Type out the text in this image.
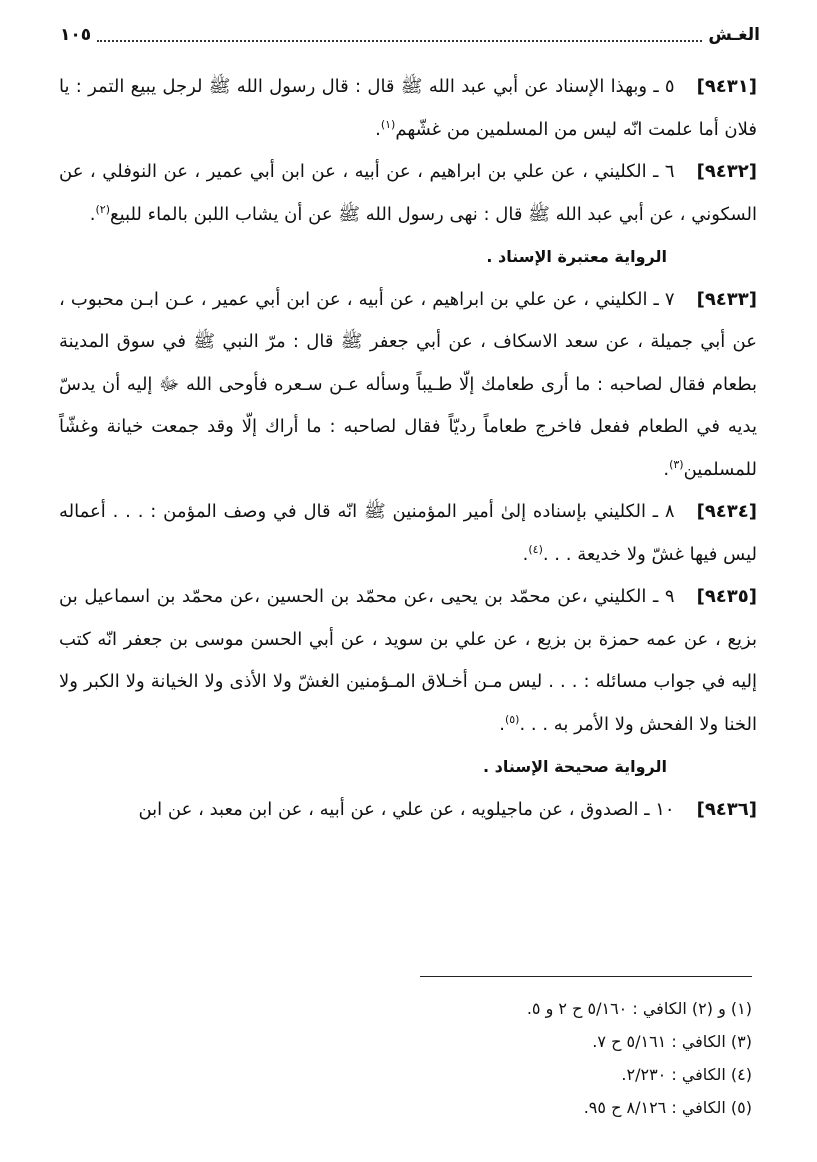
الغـش
١٠٥

[٩٤٣١]٥ ـ وبهذا الإسناد عن أبي عبد الله ﷺ قال : قال رسول الله ﷺ لرجل يبيع التمر : يا فلان أما علمت انّه ليس من المسلمين من غشّهم$^{(١)}$.

[٩٤٣٢]٦ ـ الكليني ، عن علي بن ابراهيم ، عن أبيه ، عن ابن أبي عمير ، عن النوفلي ، عن السكوني ، عن أبي عبد الله ﷺ قال : نهى رسول الله ﷺ عن أن يشاب اللبن بالماء للبيع$^{(٢)}$.

الرواية معتبرة الإسناد .

[٩٤٣٣]٧ ـ الكليني ، عن علي بن ابراهيم ، عن أبيه ، عن ابن أبي عمير ، عـن ابـن محبوب ، عن أبي جميلة ، عن سعد الاسكاف ، عن أبي جعفر ﷺ قال : مرّ النبي ﷺ في سوق المدينة بطعام فقال لصاحبه : ما أرى طعامك إلّا طـيباً وسأله عـن سـعره فأوحى الله ﷻ إليه أن يدسّ يديه في الطعام ففعل فاخرج طعاماً رديّاً فقال لصاحبه : ما أراك إلّا وقد جمعت خيانة وغشّاً للمسلمين$^{(٣)}$.

[٩٤٣٤]٨ ـ الكليني بإسناده إلىٰ أمير المؤمنين ﷺ انّه قال في وصف المؤمن : . . . أعماله ليس فيها غشّ ولا خديعة . . .$^{(٤)}$.

[٩٤٣٥]٩ ـ الكليني ،عن محمّد بن يحيى ،عن محمّد بن الحسين ،عن محمّد بن اسماعيل بن بزيع ، عن عمه حمزة بن بزيع ، عن علي بن سويد ، عن أبي الحسن موسى بن جعفر انّه كتب إليه في جواب مسائله : . . . ليس مـن أخـلاق المـؤمنين الغشّ ولا الأذى ولا الخيانة ولا الكبر ولا الخنا ولا الفحش ولا الأمر به . . .$^{(٥)}$.

الرواية صحيحة الإسناد .

[٩٤٣٦]١٠ ـ الصدوق ، عن ماجيلويه ، عن علي ، عن أبيه ، عن ابن معبد ، عن ابن

(١) و (٢) الكافي : ٥/١٦٠ ح ٢ و ٥.

(٣) الكافي : ٥/١٦١ ح ٧.

(٤) الكافي : ٢/٢٣٠.

(٥) الكافي : ٨/١٢٦ ح ٩٥.
